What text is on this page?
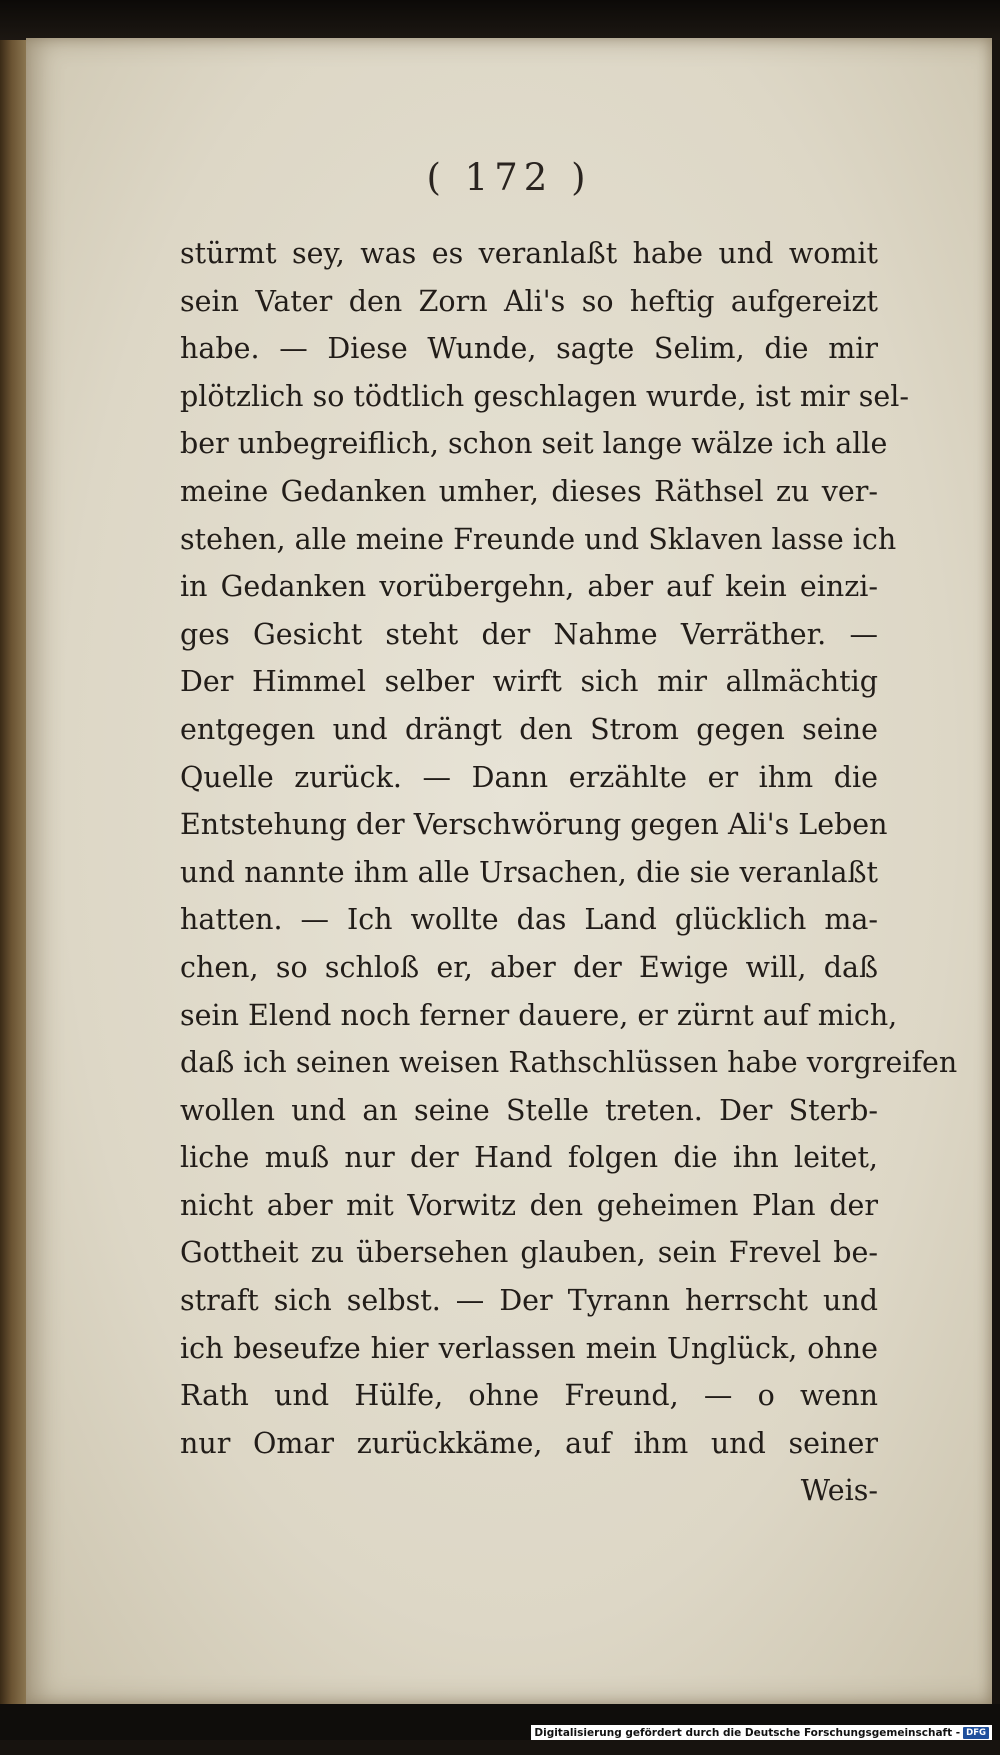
( 172 )
stürmt sey, was es veranlaßt habe und womit
sein Vater den Zorn Ali's so heftig aufgereizt
habe. — Diese Wunde, sagte Selim, die mir
plötzlich so tödtlich geschlagen wurde, ist mir sel-
ber unbegreiflich, schon seit lange wälze ich alle
meine Gedanken umher, dieses Räthsel zu ver-
stehen, alle meine Freunde und Sklaven lasse ich
in Gedanken vorübergehn, aber auf kein einzi-
ges Gesicht steht der Nahme Verräther. —
Der Himmel selber wirft sich mir allmächtig
entgegen und drängt den Strom gegen seine
Quelle zurück. — Dann erzählte er ihm die
Entstehung der Verschwörung gegen Ali's Leben
und nannte ihm alle Ursachen, die sie veranlaßt
hatten. — Ich wollte das Land glücklich ma-
chen, so schloß er, aber der Ewige will, daß
sein Elend noch ferner dauere, er zürnt auf mich,
daß ich seinen weisen Rathschlüssen habe vorgreifen
wollen und an seine Stelle treten. Der Sterb-
liche muß nur der Hand folgen die ihn leitet,
nicht aber mit Vorwitz den geheimen Plan der
Gottheit zu übersehen glauben, sein Frevel be-
straft sich selbst. — Der Tyrann herrscht und
ich beseufze hier verlassen mein Unglück, ohne
Rath und Hülfe, ohne Freund, — o wenn
nur Omar zurückkäme, auf ihm und seiner
Weis-
Digitalisierung gefördert durch die Deutsche Forschungsgemeinschaft - DFG
